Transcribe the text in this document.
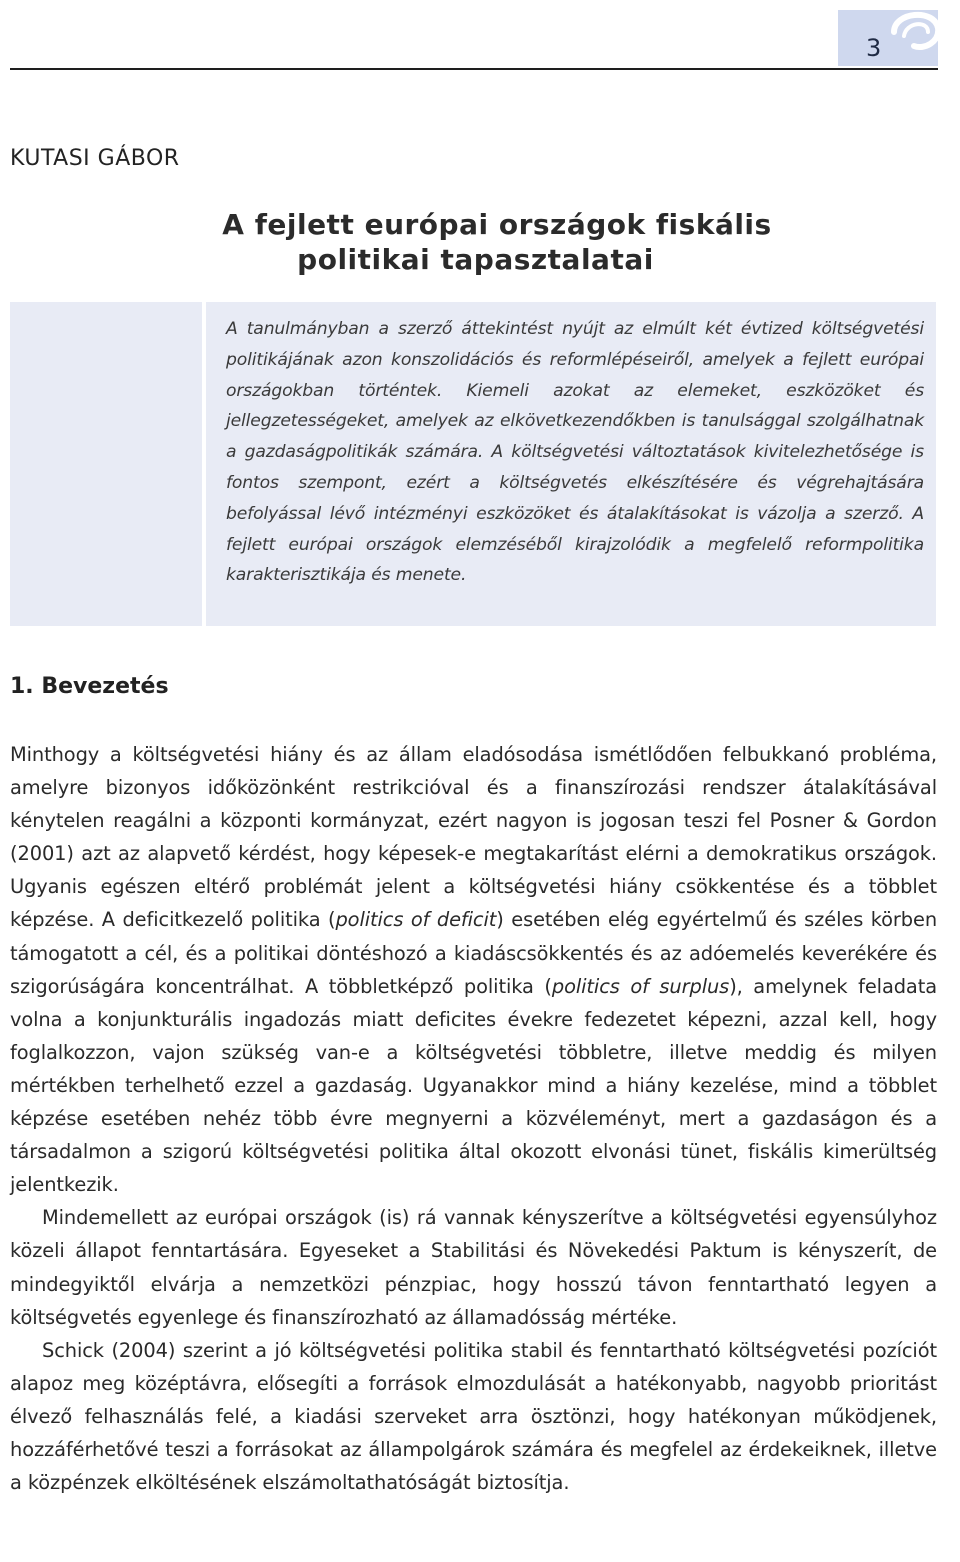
3
KUTASI GÁBOR
A fejlett európai országok fiskális
politikai tapasztalatai

A tanulmányban a szerző áttekintést nyújt az elmúlt két évtized költségvetési politikájának azon konszolidációs és reformlépéseiről, amelyek a fejlett európai országokban történtek. Kiemeli azokat az elemeket, eszközöket és jellegzetességeket, amelyek az elkövetkezendőkben is tanulsággal szolgálhatnak a gazdaságpolitikák számára. A költségvetési változtatások kivitelezhetősége is fontos szempont, ezért a költségvetés elkészítésére és végrehajtására befolyással lévő intézményi eszközöket és átalakításokat is vázolja a szerző. A fejlett európai országok elemzéséből kirajzolódik a megfelelő reformpolitika karakterisztikája és menete.

1. Bevezetés

Minthogy a költségvetési hiány és az állam eladósodása ismétlődően felbukkanó probléma, amelyre bizonyos időközönként restrikcióval és a finanszírozási rendszer átalakításával kénytelen reagálni a központi kormányzat, ezért nagyon is jogosan teszi fel Posner & Gordon (2001) azt az alapvető kérdést, hogy képesek-e megtakarítást elérni a demokratikus országok. Ugyanis egészen eltérő problémát jelent a költségvetési hiány csökkentése és a többlet képzése. A deficitkezelő politika (politics of deficit) esetében elég egyértelmű és széles körben támogatott a cél, és a politikai döntéshozó a kiadáscsökkentés és az adóemelés keverékére és szigorúságára koncentrálhat. A többletképző politika (politics of surplus), amelynek feladata volna a konjunkturális ingadozás miatt deficites évekre fedezetet képezni, azzal kell, hogy foglalkozzon, vajon szükség van-e a költségvetési többletre, illetve meddig és milyen mértékben terhelhető ezzel a gazdaság. Ugyanakkor mind a hiány kezelése, mind a többlet képzése esetében nehéz több évre megnyerni a közvéleményt, mert a gazdaságon és a társadalmon a szigorú költségvetési politika által okozott elvonási tünet, fiskális kimerültség jelentkezik.

Mindemellett az európai országok (is) rá vannak kényszerítve a költségvetési egyensúlyhoz közeli állapot fenntartására. Egyeseket a Stabilitási és Növekedési Paktum is kényszerít, de mindegyiktől elvárja a nemzetközi pénzpiac, hogy hosszú távon fenntartható legyen a költségvetés egyenlege és finanszírozható az államadósság mértéke.

Schick (2004) szerint a jó költségvetési politika stabil és fenntartható költségvetési pozíciót alapoz meg középtávra, elősegíti a források elmozdulását a hatékonyabb, nagyobb prioritást élvező felhasználás felé, a kiadási szerveket arra ösztönzi, hogy hatékonyan működjenek, hozzáférhetővé teszi a forrásokat az állampolgárok számára és megfelel az érdekeiknek, illetve a közpénzek elköltésének elszámoltathatóságát biztosítja.
